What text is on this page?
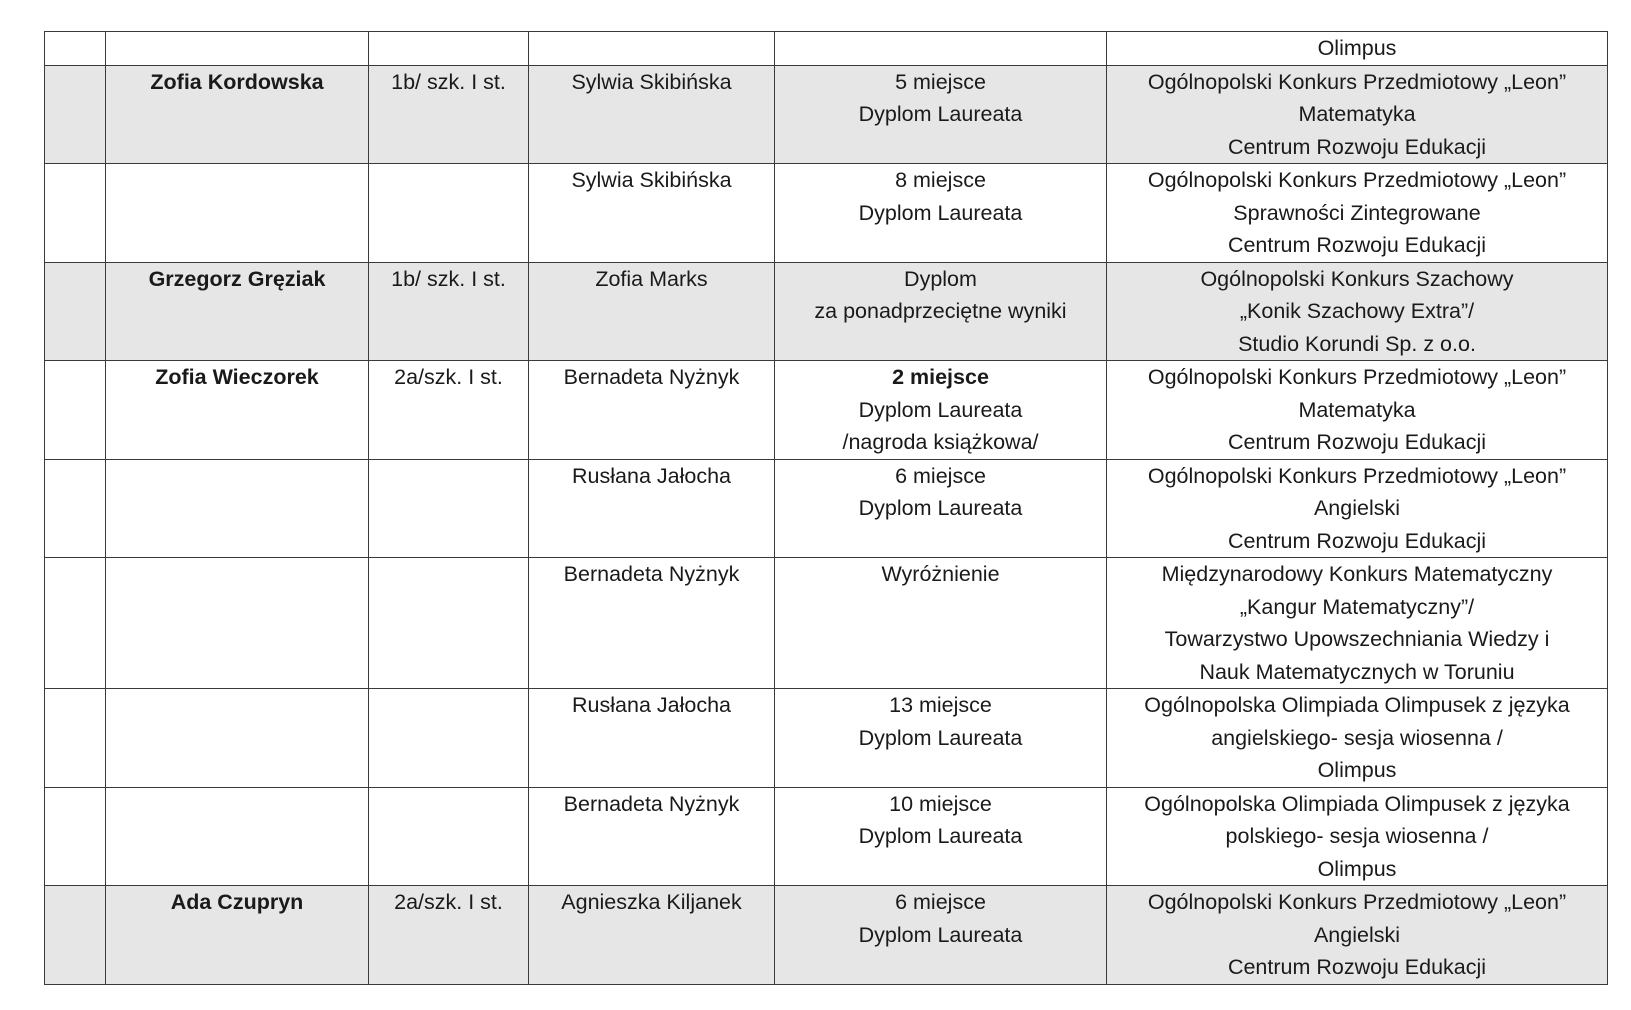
					Olimpus

	Zofia Kordowska	1b/ szk. I st.	Sylwia Skibińska	5 miejsce
Dyplom Laureata	Ogólnopolski Konkurs Przedmiotowy „Leon”
Matematyka
Centrum Rozwoju Edukacji

			Sylwia Skibińska	8 miejsce
Dyplom Laureata	Ogólnopolski Konkurs Przedmiotowy „Leon”
Sprawności Zintegrowane
Centrum Rozwoju Edukacji

	Grzegorz Gręziak	1b/ szk. I st.	Zofia Marks	Dyplom
za ponadprzeciętne wyniki	Ogólnopolski Konkurs Szachowy
„Konik Szachowy Extra”/
Studio Korundi Sp. z o.o.

	Zofia Wieczorek	2a/szk. I st.	Bernadeta Nyżnyk	2 miejsce
Dyplom Laureata
/nagroda książkowa/	Ogólnopolski Konkurs Przedmiotowy „Leon”
Matematyka
Centrum Rozwoju Edukacji

			Rusłana Jałocha	6 miejsce
Dyplom Laureata	Ogólnopolski Konkurs Przedmiotowy „Leon”
Angielski
Centrum Rozwoju Edukacji

			Bernadeta Nyżnyk	Wyróżnienie	Międzynarodowy Konkurs Matematyczny
„Kangur Matematyczny”/
Towarzystwo Upowszechniania Wiedzy i
Nauk Matematycznych w Toruniu

			Rusłana Jałocha	13 miejsce
Dyplom Laureata	Ogólnopolska Olimpiada Olimpusek z języka
angielskiego- sesja wiosenna /
Olimpus

			Bernadeta Nyżnyk	10 miejsce
Dyplom Laureata	Ogólnopolska Olimpiada Olimpusek z języka
polskiego- sesja wiosenna /
Olimpus

	Ada Czupryn	2a/szk. I st.	Agnieszka Kiljanek	6 miejsce
Dyplom Laureata	Ogólnopolski Konkurs Przedmiotowy „Leon”
Angielski
Centrum Rozwoju Edukacji
